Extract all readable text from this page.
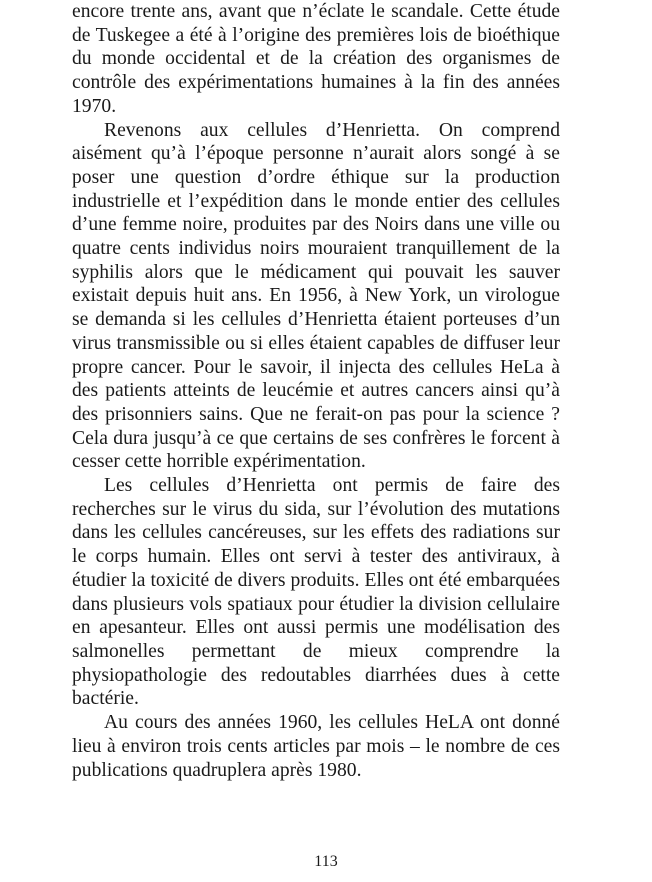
encore trente ans, avant que n’éclate le scandale. Cette étude de Tuskegee a été à l’origine des premières lois de bioéthique du monde occidental et de la création des organismes de contrôle des expérimentations humaines à la fin des années 1970.

Revenons aux cellules d’Henrietta. On comprend aisément qu’à l’époque personne n’aurait alors songé à se poser une question d’ordre éthique sur la production industrielle et l’expédition dans le monde entier des cellules d’une femme noire, produites par des Noirs dans une ville ou quatre cents individus noirs mouraient tranquillement de la syphilis alors que le médicament qui pouvait les sauver existait depuis huit ans. En 1956, à New York, un virologue se demanda si les cellules d’Henrietta étaient porteuses d’un virus transmissible ou si elles étaient capables de diffuser leur propre cancer. Pour le savoir, il injecta des cellules HeLa à des patients atteints de leucémie et autres cancers ainsi qu’à des prisonniers sains. Que ne ferait-on pas pour la science ? Cela dura jusqu’à ce que certains de ses confrères le forcent à cesser cette horrible expérimentation.

Les cellules d’Henrietta ont permis de faire des recherches sur le virus du sida, sur l’évolution des mutations dans les cellules cancéreuses, sur les effets des radiations sur le corps humain. Elles ont servi à tester des antiviraux, à étudier la toxicité de divers produits. Elles ont été embarquées dans plusieurs vols spatiaux pour étudier la division cellulaire en apesanteur. Elles ont aussi permis une modélisation des salmonelles permettant de mieux comprendre la physiopathologie des redoutables diarrhées dues à cette bactérie.

Au cours des années 1960, les cellules HeLA ont donné lieu à environ trois cents articles par mois – le nombre de ces publications quadruplera après 1980.

113
